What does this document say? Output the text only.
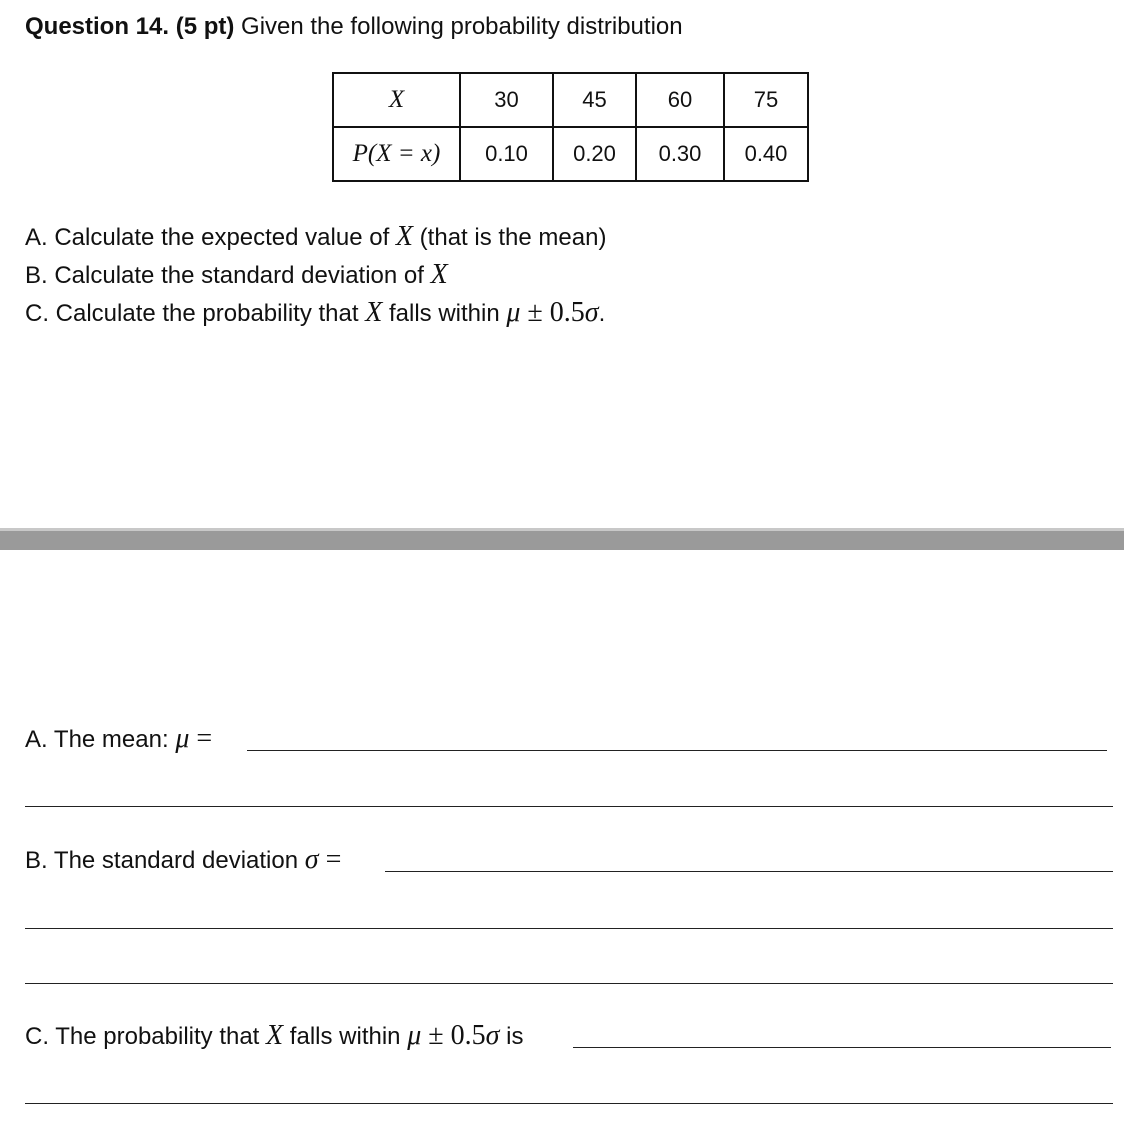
Question 14. (5 pt) Given the following probability distribution
X	30	45	60	75
P(X = x)	0.10	0.20	0.30	0.40
A. Calculate the expected value of X (that is the mean)
B. Calculate the standard deviation of X
C. Calculate the probability that X falls within μ ± 0.5σ.
A. The mean: μ =
B. The standard deviation σ =
C. The probability that X falls within μ ± 0.5σ is
